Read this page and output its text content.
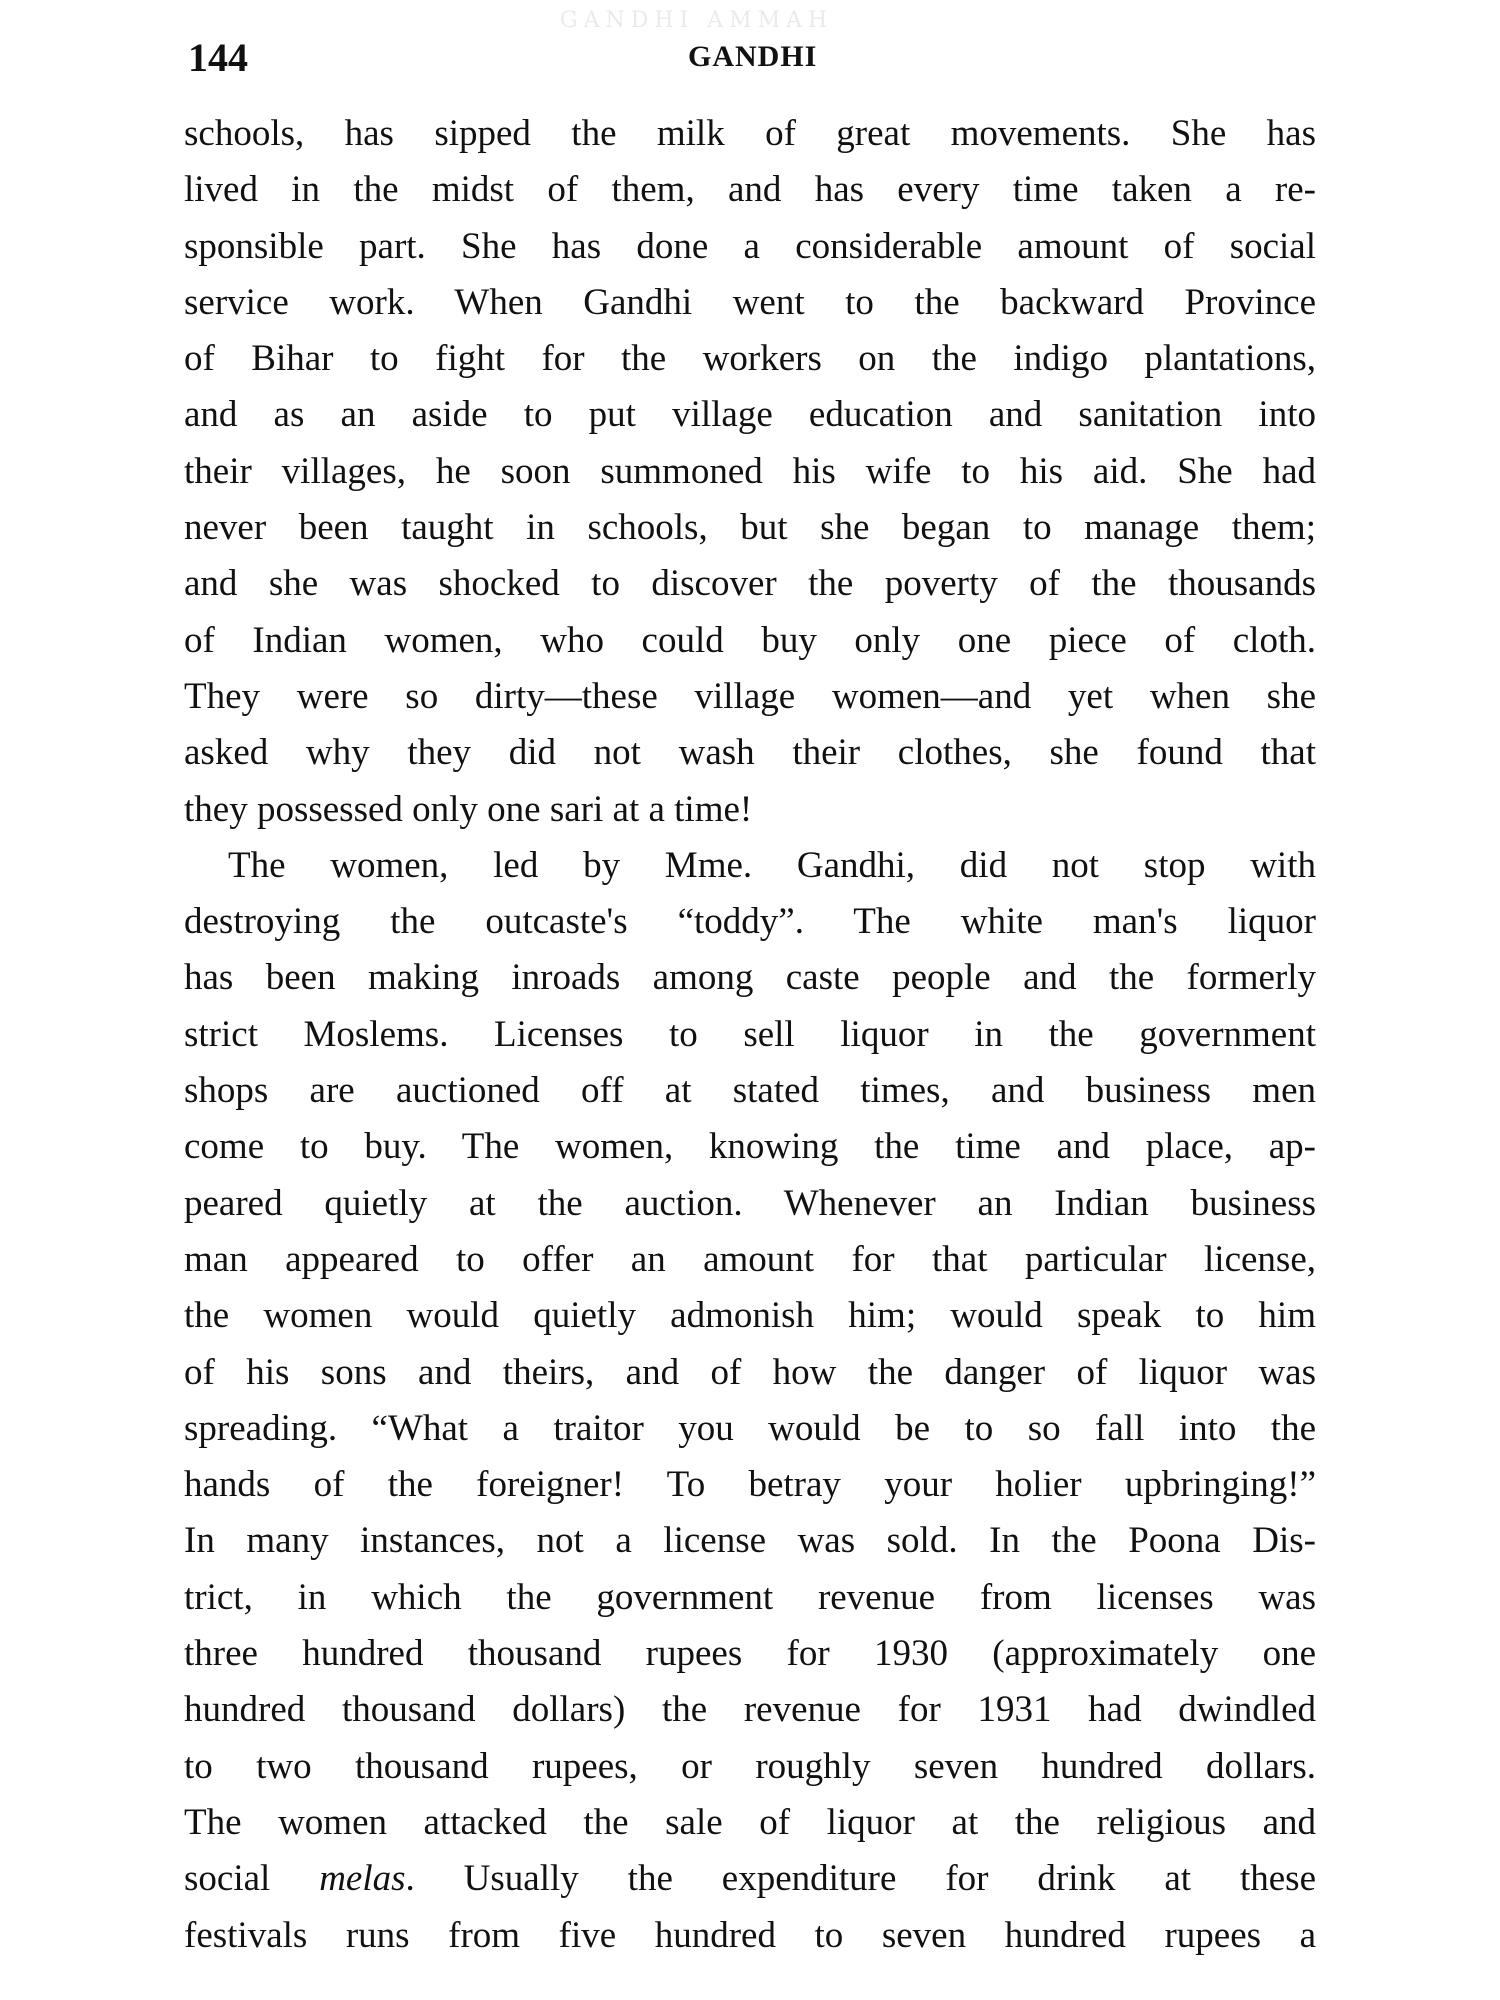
GANDHI AMMAH
144	GANDHI
schools, has sipped the milk of great movements. She has
lived in the midst of them, and has every time taken a re-
sponsible part. She has done a considerable amount of social
service work. When Gandhi went to the backward Province
of Bihar to fight for the workers on the indigo plantations,
and as an aside to put village education and sanitation into
their villages, he soon summoned his wife to his aid. She had
never been taught in schools, but she began to manage them;
and she was shocked to discover the poverty of the thousands
of Indian women, who could buy only one piece of cloth.
They were so dirty—these village women—and yet when she
asked why they did not wash their clothes, she found that
they possessed only one sari at a time!
The women, led by Mme. Gandhi, did not stop with
destroying the outcaste's “toddy”. The white man's liquor
has been making inroads among caste people and the formerly
strict Moslems. Licenses to sell liquor in the government
shops are auctioned off at stated times, and business men
come to buy. The women, knowing the time and place, ap-
peared quietly at the auction. Whenever an Indian business
man appeared to offer an amount for that particular license,
the women would quietly admonish him; would speak to him
of his sons and theirs, and of how the danger of liquor was
spreading. “What a traitor you would be to so fall into the
hands of the foreigner! To betray your holier upbringing!”
In many instances, not a license was sold. In the Poona Dis-
trict, in which the government revenue from licenses was
three hundred thousand rupees for 1930 (approximately one
hundred thousand dollars) the revenue for 1931 had dwindled
to two thousand rupees, or roughly seven hundred dollars.
The women attacked the sale of liquor at the religious and
social melas. Usually the expenditure for drink at these
festivals runs from five hundred to seven hundred rupees a
